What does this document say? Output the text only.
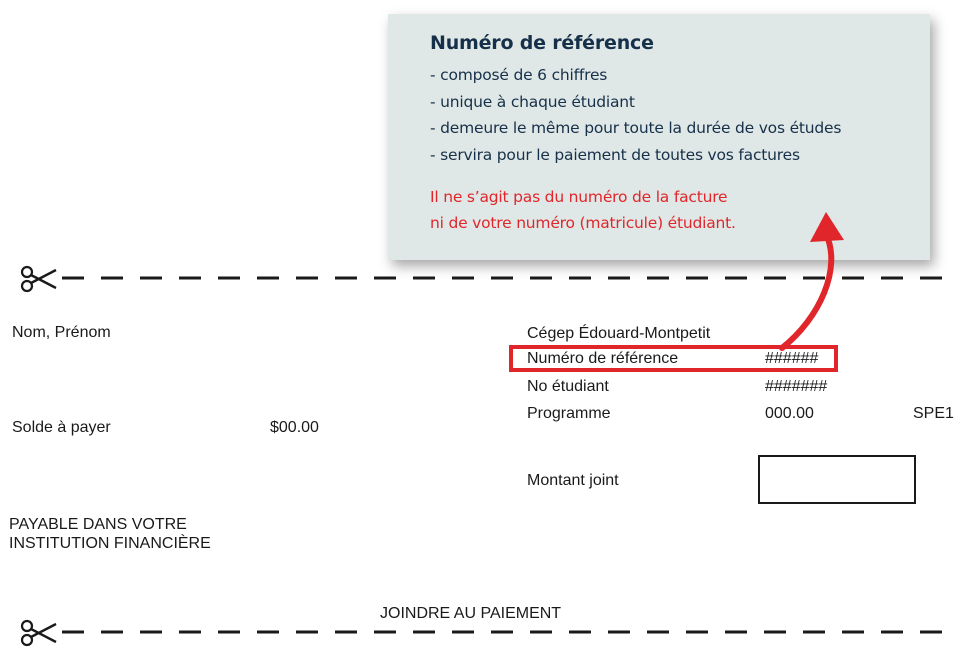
Numéro de référence
- composé de 6 chiffres
- unique à chaque étudiant
- demeure le même pour toute la durée de vos études
- servira pour le paiement de toutes vos factures
Il ne s’agit pas du numéro de la facture
ni de votre numéro (matricule) étudiant.
Nom, Prénom
Solde à payer	$00.00
PAYABLE DANS VOTRE
INSTITUTION FINANCIÈRE
Cégep Édouard-Montpetit
Numéro de référence	######
No étudiant	#######
Programme	000.00	SPE1
Montant joint
JOINDRE AU PAIEMENT
